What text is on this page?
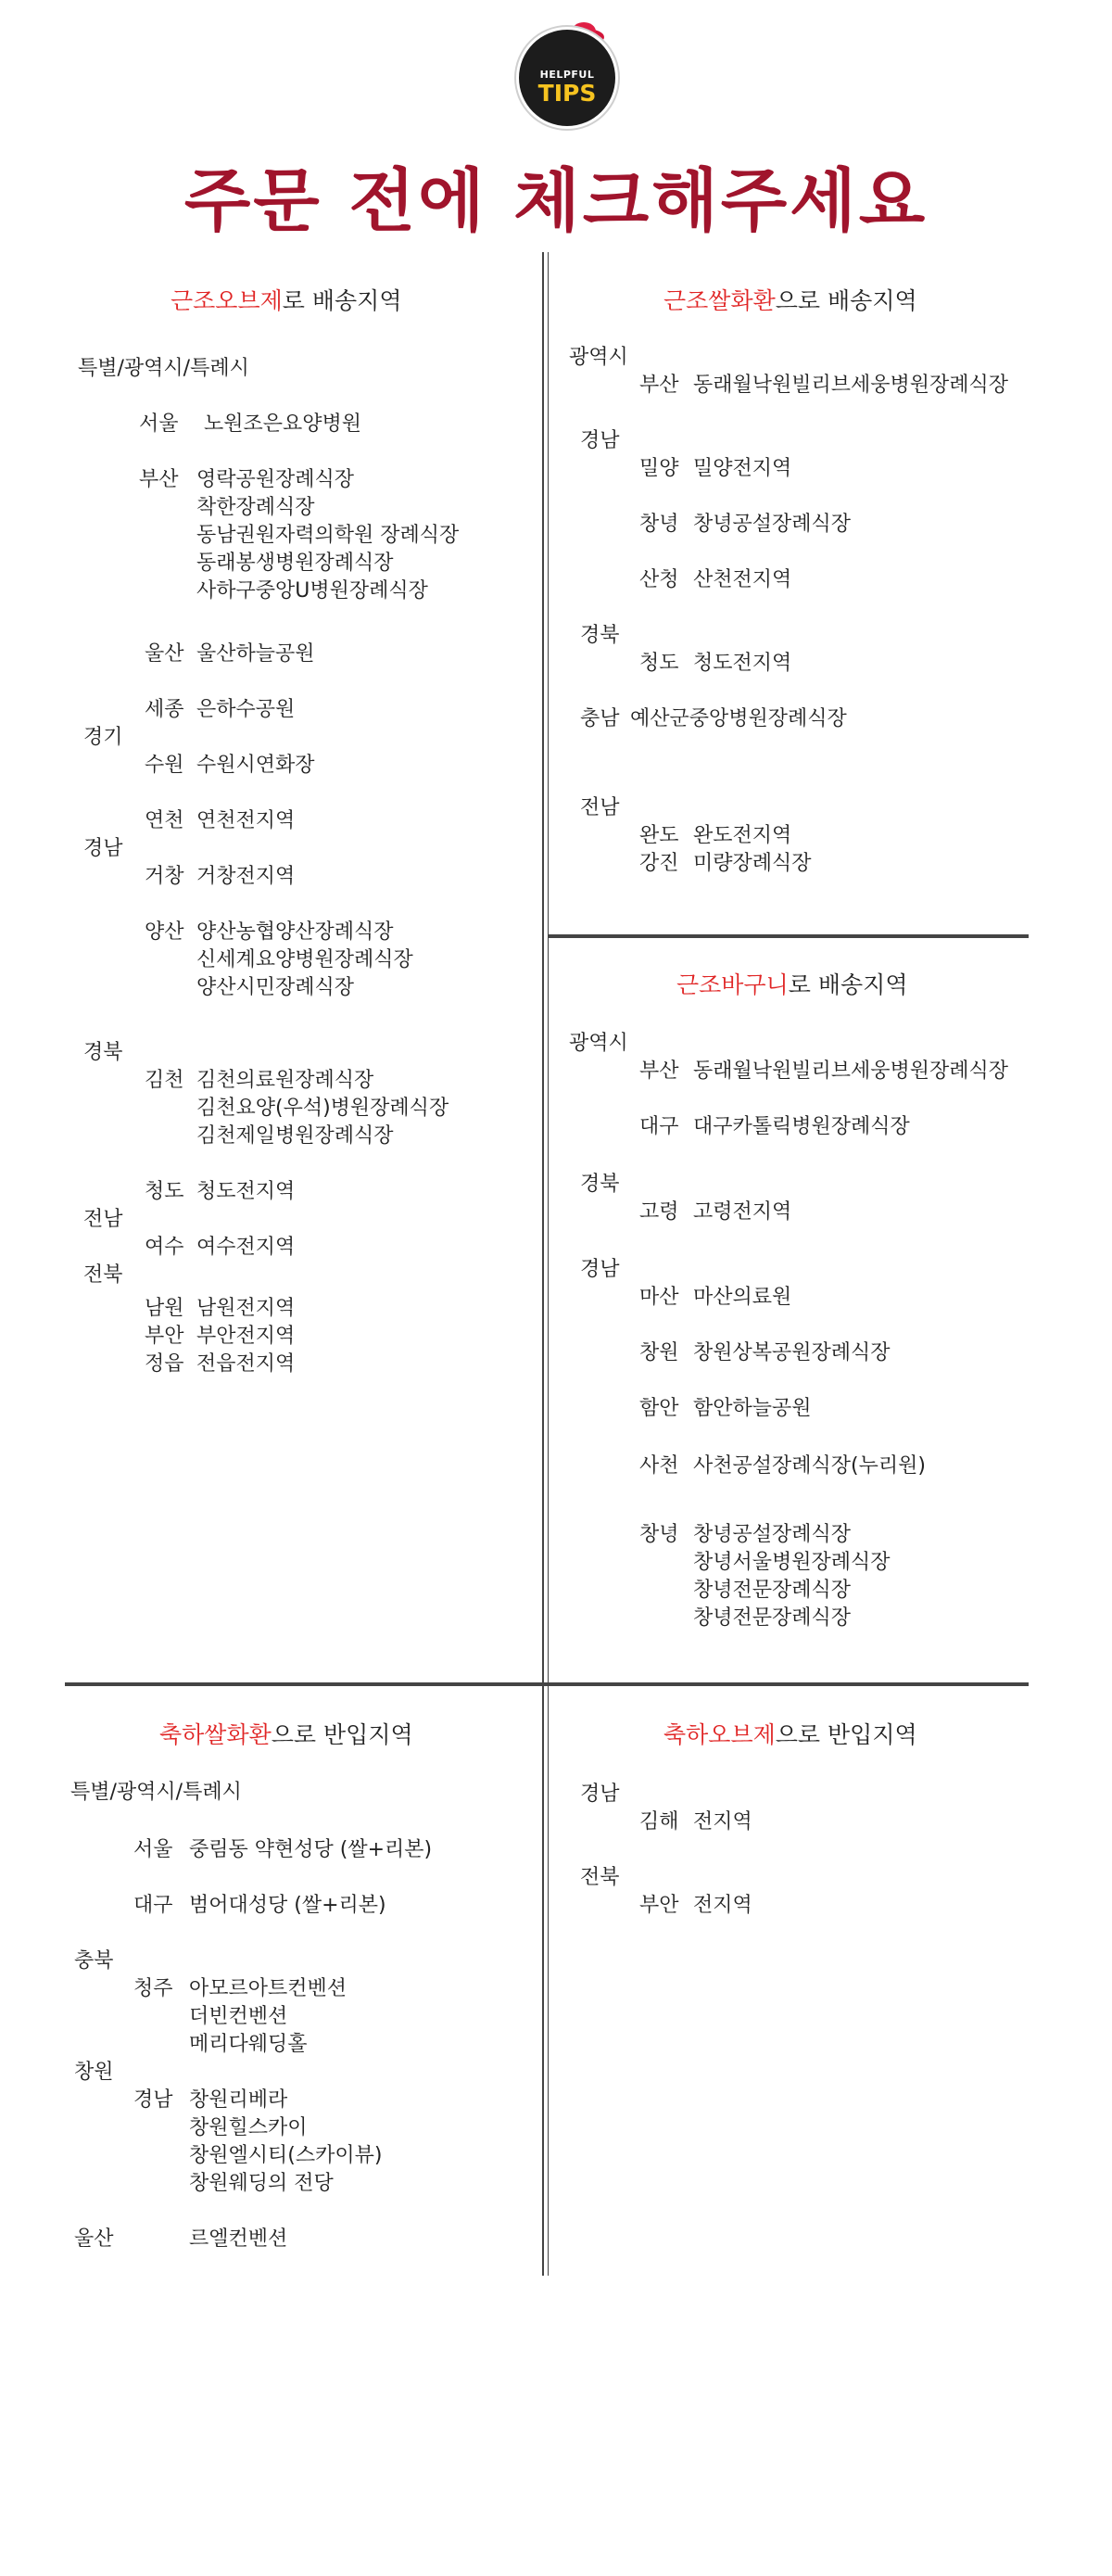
HELPFUL
TIPS
주문 전에 체크해주세요
근조오브제로 배송지역
특별/광역시/특례시
서울 노원조은요양병원
부산 영락공원장례식장
착한장례식장
동남권원자력의학원 장례식장
동래봉생병원장례식장
사하구중앙U병원장례식장
울산 울산하늘공원
세종 은하수공원
경기
수원 수원시연화장
연천 연천전지역
경남
거창 거창전지역
양산 양산농협양산장례식장
신세계요양병원장례식장
양산시민장례식장
경북
김천 김천의료원장례식장
김천요양(우석)병원장례식장
김천제일병원장례식장
청도 청도전지역
전남
여수 여수전지역
전북
남원 남원전지역
부안 부안전지역
정읍 전읍전지역
근조쌀화환으로 배송지역
광역시
부산 동래월낙원빌리브세웅병원장례식장
경남
밀양 밀양전지역
창녕 창녕공설장례식장
산청 산천전지역
경북
청도 청도전지역
충남 예산군중앙병원장례식장
전남
완도 완도전지역
강진 미량장례식장
근조바구니로 배송지역
광역시
부산 동래월낙원빌리브세웅병원장례식장
대구 대구카톨릭병원장례식장
경북
고령 고령전지역
경남
마산 마산의료원
창원 창원상복공원장례식장
함안 함안하늘공원
사천 사천공설장례식장(누리원)
창녕 창녕공설장례식장
창녕서울병원장례식장
창녕전문장례식장
창녕전문장례식장
축하쌀화환으로 반입지역
특별/광역시/특례시
서울 중림동 약현성당 (쌀+리본)
대구 범어대성당 (쌀+리본)
충북
청주 아모르아트컨벤션
더빈컨벤션
메리다웨딩홀
창원
경남 창원리베라
창원힐스카이
창원엘시티(스카이뷰)
창원웨딩의 전당
울산	르엘컨벤션
축하오브제으로 반입지역
경남
김해 전지역
전북
부안 전지역
